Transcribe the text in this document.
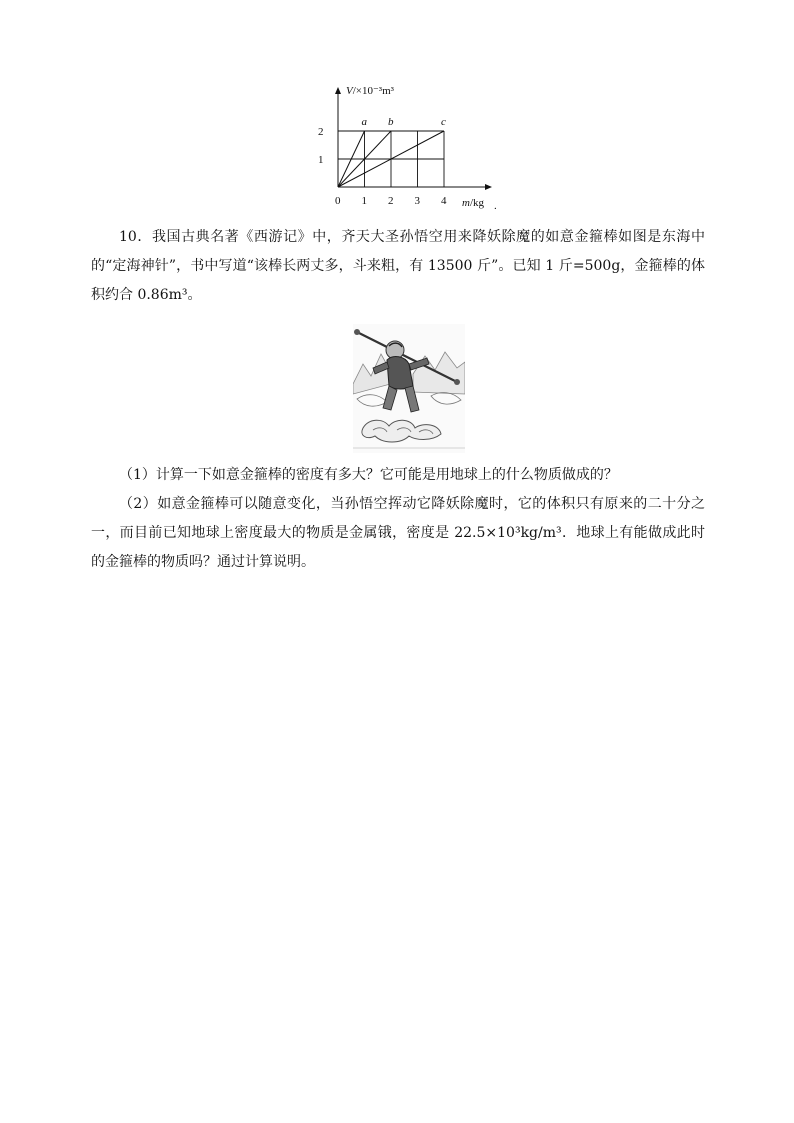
V/×10⁻³m³
m/kg .
0 1 2 3 4
1
2
a b	c

10．我国古典名著《西游记》中，齐天大圣孙悟空用来降妖除魔的如意金箍棒如图是东海中的“定海神针”，书中写道“该棒长两丈多，斗来粗，有 13500 斤”。已知 1 斤=500g，金箍棒的体积约合 0.86m³。

（1）计算一下如意金箍棒的密度有多大？它可能是用地球上的什么物质做成的？

（2）如意金箍棒可以随意变化，当孙悟空挥动它降妖除魔时，它的体积只有原来的二十分之一，而目前已知地球上密度最大的物质是金属锇，密度是 22.5×10³kg/m³．地球上有能做成此时的金箍棒的物质吗？通过计算说明。
